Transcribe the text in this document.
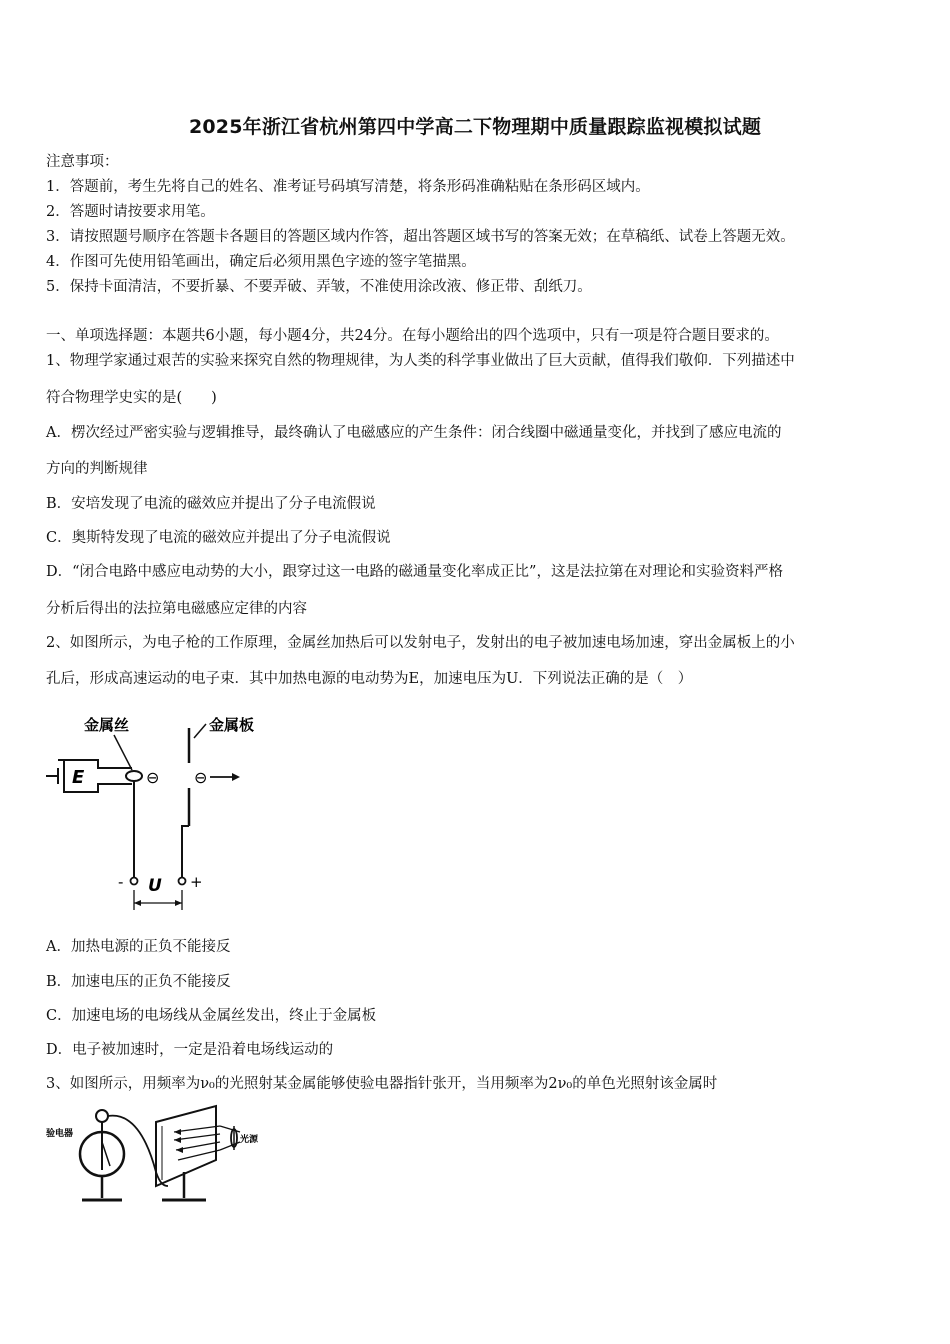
2025年浙江省杭州第四中学高二下物理期中质量跟踪监视模拟试题
注意事项：
1．答题前，考生先将自己的姓名、准考证号码填写清楚，将条形码准确粘贴在条形码区域内。
2．答题时请按要求用笔。
3．请按照题号顺序在答题卡各题目的答题区域内作答，超出答题区域书写的答案无效；在草稿纸、试卷上答题无效。
4．作图可先使用铅笔画出，确定后必须用黑色字迹的签字笔描黑。
5．保持卡面清洁，不要折暴、不要弄破、弄皱，不准使用涂改液、修正带、刮纸刀。
一、单项选择题：本题共6小题，每小题4分，共24分。在每小题给出的四个选项中，只有一项是符合题目要求的。
1、物理学家通过艰苦的实验来探究自然的物理规律，为人类的科学事业做出了巨大贡献，值得我们敬仰．下列描述中
符合物理学史实的是(　　)
A．楞次经过严密实验与逻辑推导，最终确认了电磁感应的产生条件：闭合线圈中磁通量变化，并找到了感应电流的
方向的判断规律
B．安培发现了电流的磁效应并提出了分子电流假说
C．奥斯特发现了电流的磁效应并提出了分子电流假说
D．“闭合电路中感应电动势的大小，跟穿过这一电路的磁通量变化率成正比”，这是法拉第在对理论和实验资料严格
分析后得出的法拉第电磁感应定律的内容
2、如图所示，为电子枪的工作原理，金属丝加热后可以发射电子，发射出的电子被加速电场加速，穿出金属板上的小
孔后，形成高速运动的电子束．其中加热电源的电动势为E，加速电压为U．下列说法正确的是（　）
金属丝	金属板
E	⊖
-	+
⊖
U
A．加热电源的正负不能接反
B．加速电压的正负不能接反
C．加速电场的电场线从金属丝发出，终止于金属板
D．电子被加速时，一定是沿着电场线运动的
3、如图所示，用频率为ν₀的光照射某金属能够使验电器指针张开，当用频率为2ν₀的单色光照射该金属时
验电器
光源
